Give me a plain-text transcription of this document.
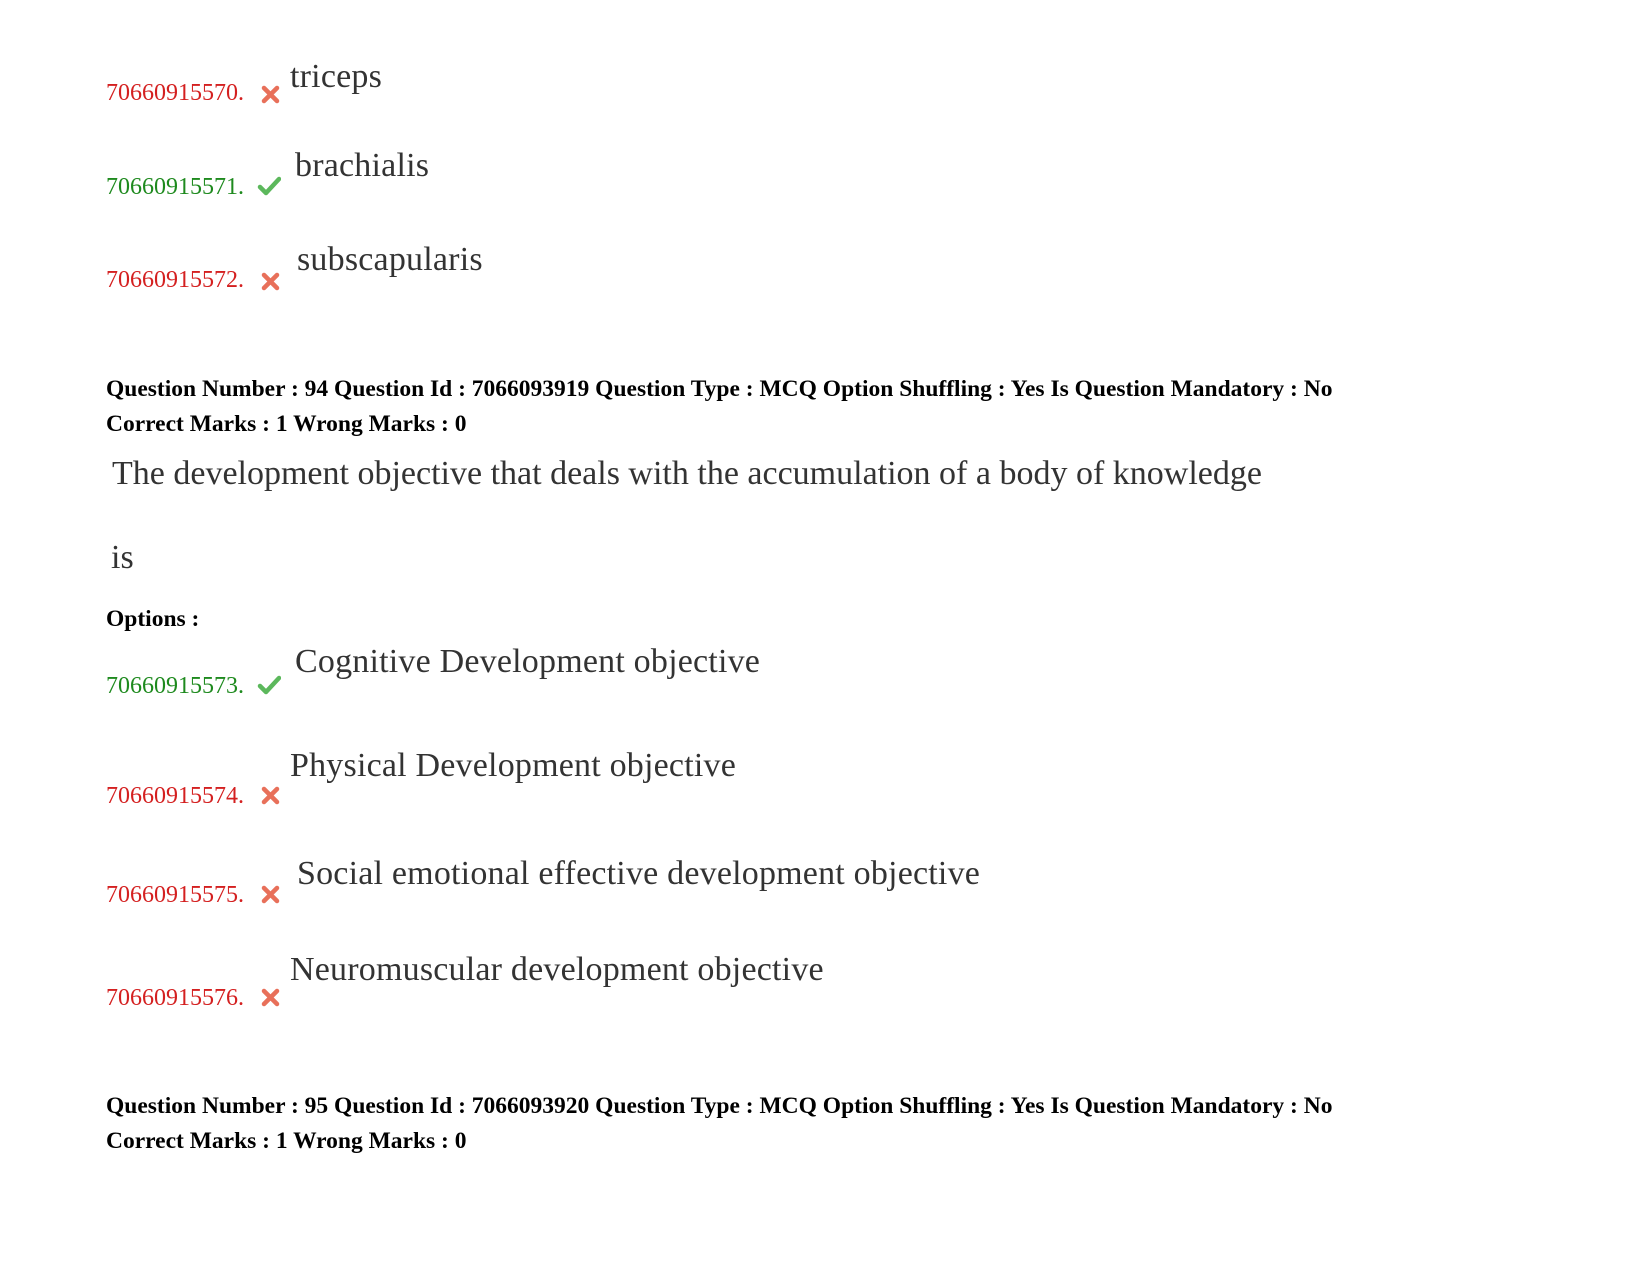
70660915570. triceps
70660915571.
brachialis
70660915572.
subscapularis
Question Number : 94 Question Id : 7066093919 Question Type : MCQ Option Shuffling : Yes Is Question Mandatory : No
Correct Marks : 1 Wrong Marks : 0
The development objective that deals with the accumulation of a body of knowledge
is
Options :
70660915573.
Cognitive Development objective
70660915574.
Physical Development objective
70660915575.
Social emotional effective development objective
70660915576.
Neuromuscular development objective
Question Number : 95 Question Id : 7066093920 Question Type : MCQ Option Shuffling : Yes Is Question Mandatory : No
Correct Marks : 1 Wrong Marks : 0
